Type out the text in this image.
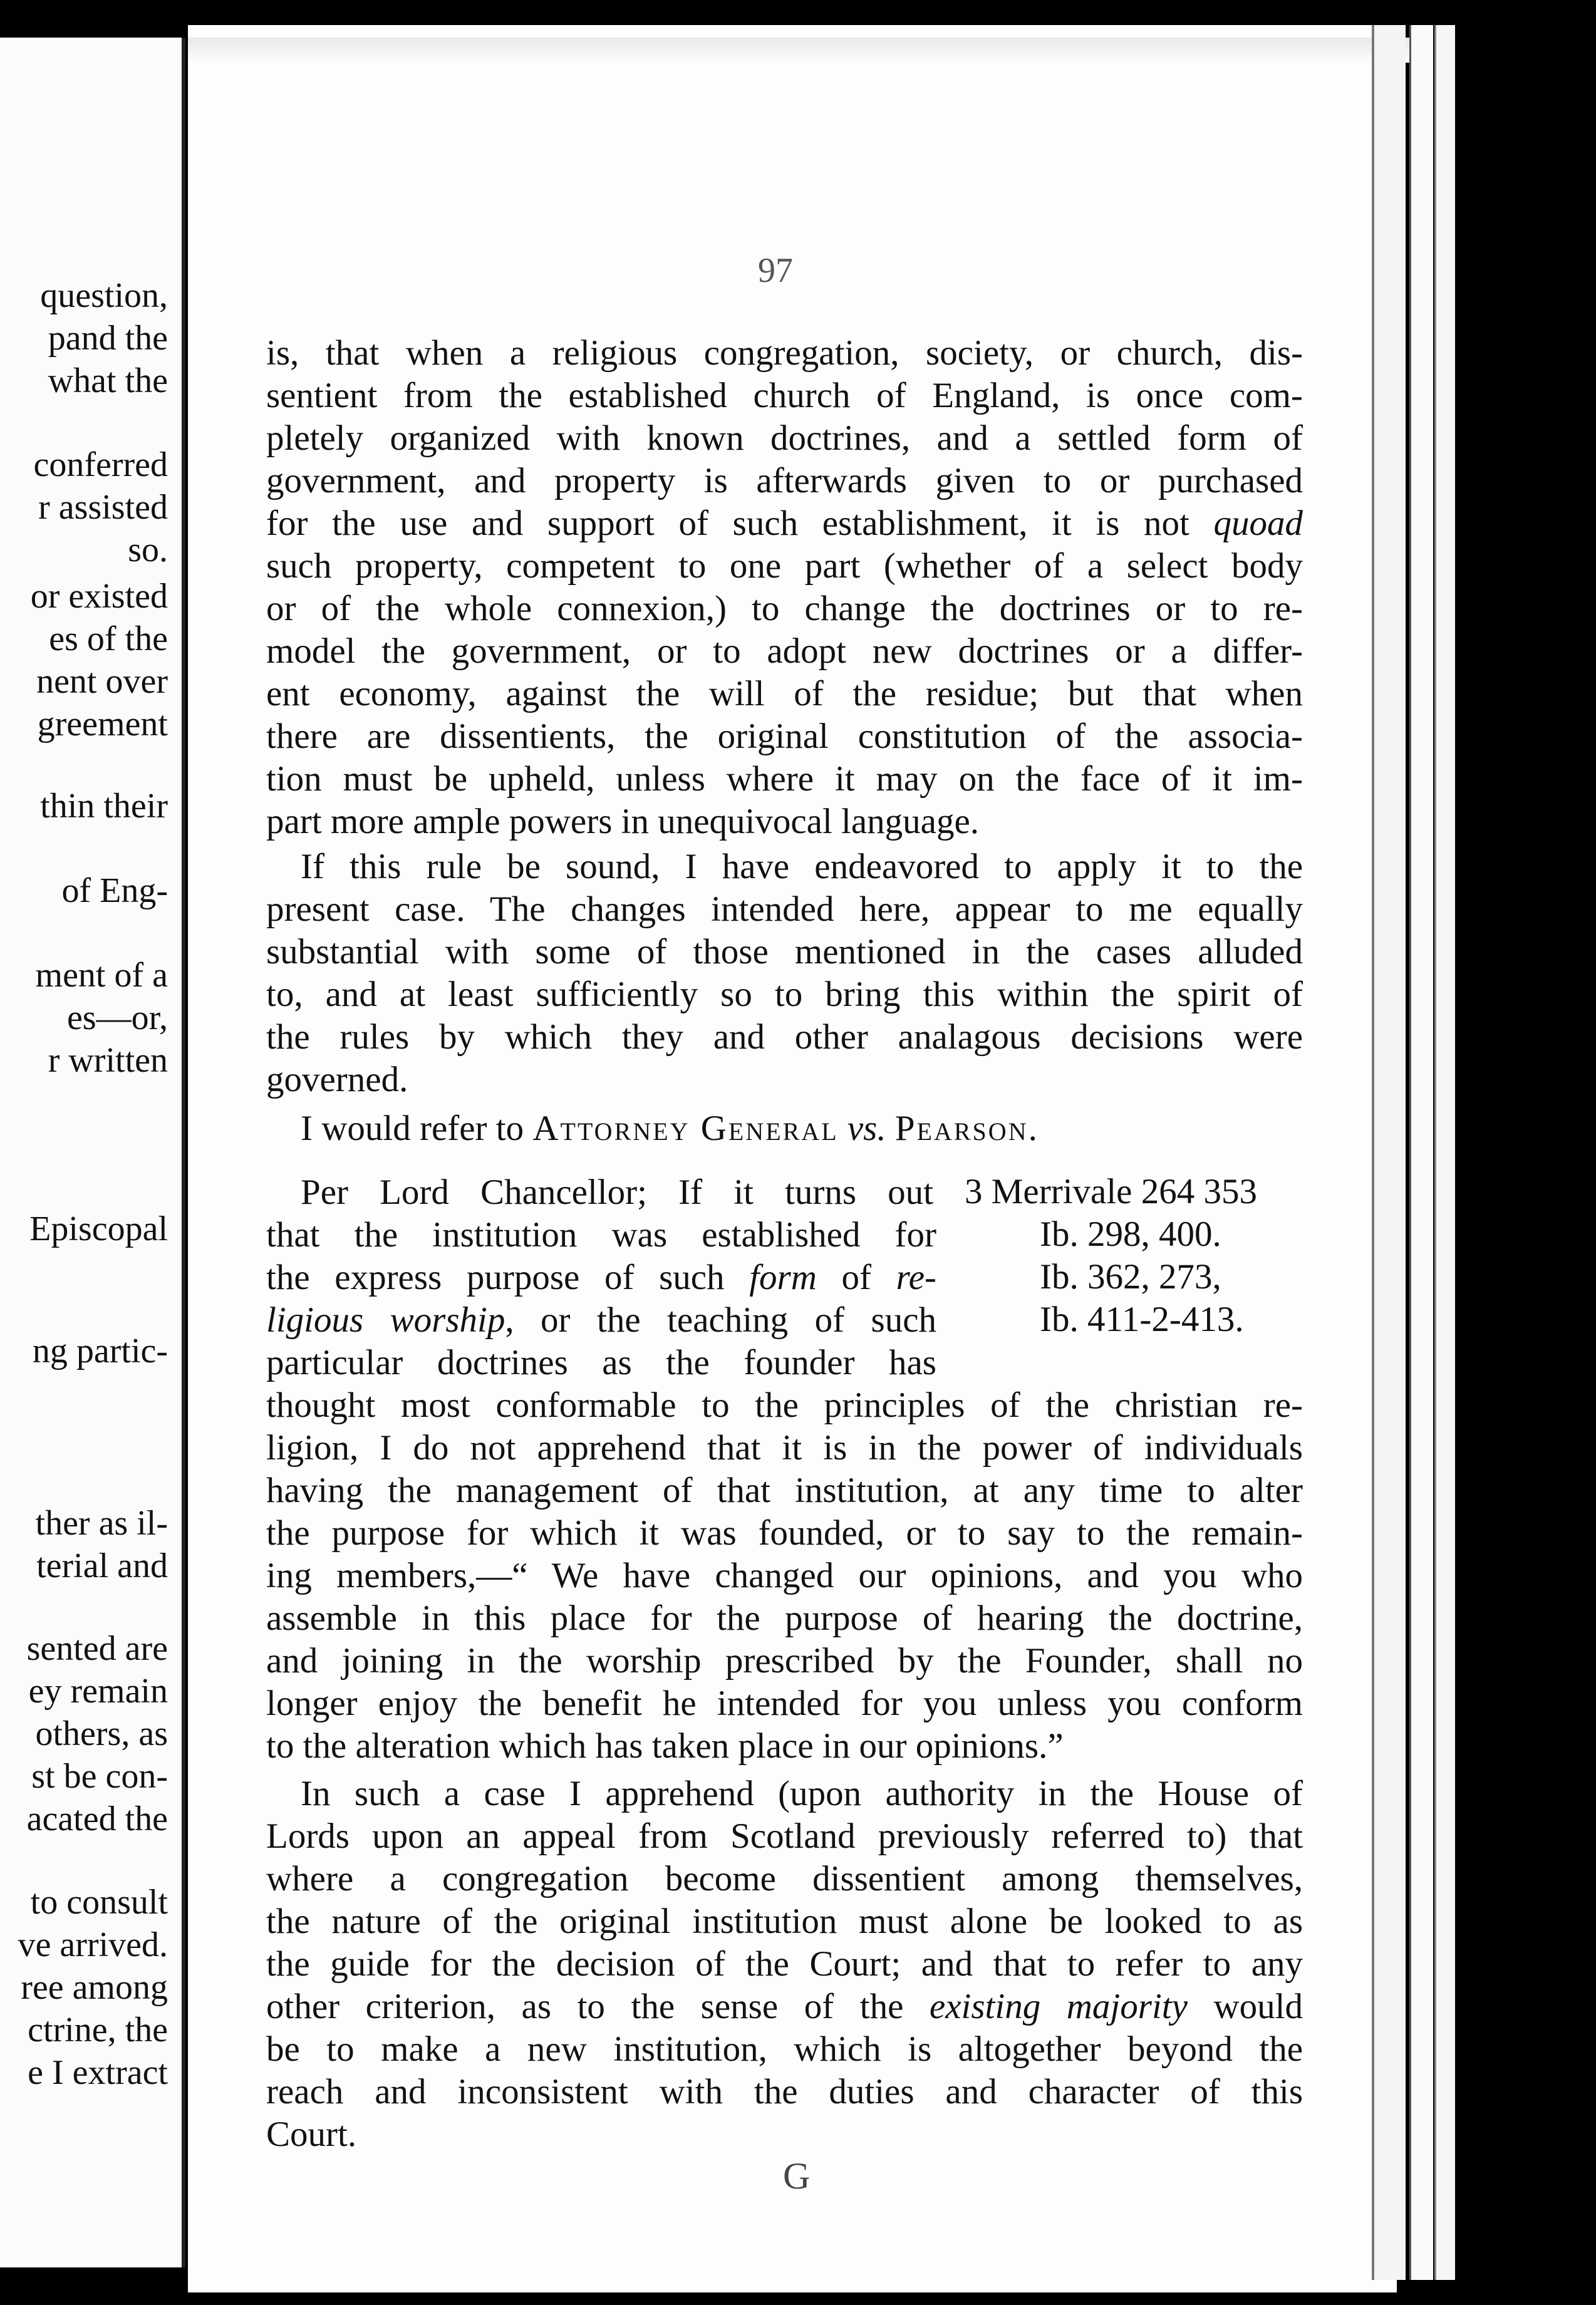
question,
pand the
what the
conferred
r assisted
so.
or existed
es of the
nent over
greement
thin their
of Eng-
ment of a
es—or,
r written
Episcopal
ng partic-
ther as il-
terial and
sented are
ey remain
others, as
st be con-
acated the
to consult
ve arrived.
ree among
ctrine, the
e I extract
97
is, that when a religious congregation, society, or church, dis-
sentient from the established church of England, is once com-
pletely organized with known doctrines, and a settled form of
government, and property is afterwards given to or purchased
for the use and support of such establishment, it is not quoad
such property, competent to one part (whether of a select body
or of the whole connexion,) to change the doctrines or to re-
model the government, or to adopt new doctrines or a differ-
ent economy, against the will of the residue; but that when
there are dissentients, the original constitution of the associa-
tion must be upheld, unless where it may on the face of it im-
part more ample powers in unequivocal language.
If this rule be sound, I have endeavored to apply it to the
present case. The changes intended here, appear to me equally
substantial with some of those mentioned in the cases alluded
to, and at least sufficiently so to bring this within the spirit of
the rules by which they and other analagous decisions were
governed.
I would refer to Attorney General vs. Pearson.
Per Lord Chancellor; If it turns out
that the institution was established for
the express purpose of such form of re-
ligious worship, or the teaching of such
particular doctrines as the founder has
3 Merrivale 264 353
Ib. 298, 400.
Ib. 362, 273,
Ib. 411-2-413.
thought most conformable to the principles of the christian re-
ligion, I do not apprehend that it is in the power of individuals
having the management of that institution, at any time to alter
the purpose for which it was founded, or to say to the remain-
ing members,—“ We have changed our opinions, and you who
assemble in this place for the purpose of hearing the doctrine,
and joining in the worship prescribed by the Founder, shall no
longer enjoy the benefit he intended for you unless you conform
to the alteration which has taken place in our opinions.”
In such a case I apprehend (upon authority in the House of
Lords upon an appeal from Scotland previously referred to) that
where a congregation become dissentient among themselves,
the nature of the original institution must alone be looked to as
the guide for the decision of the Court; and that to refer to any
other criterion, as to the sense of the existing majority would
be to make a new institution, which is altogether beyond the
reach and inconsistent with the duties and character of this
Court.
G
